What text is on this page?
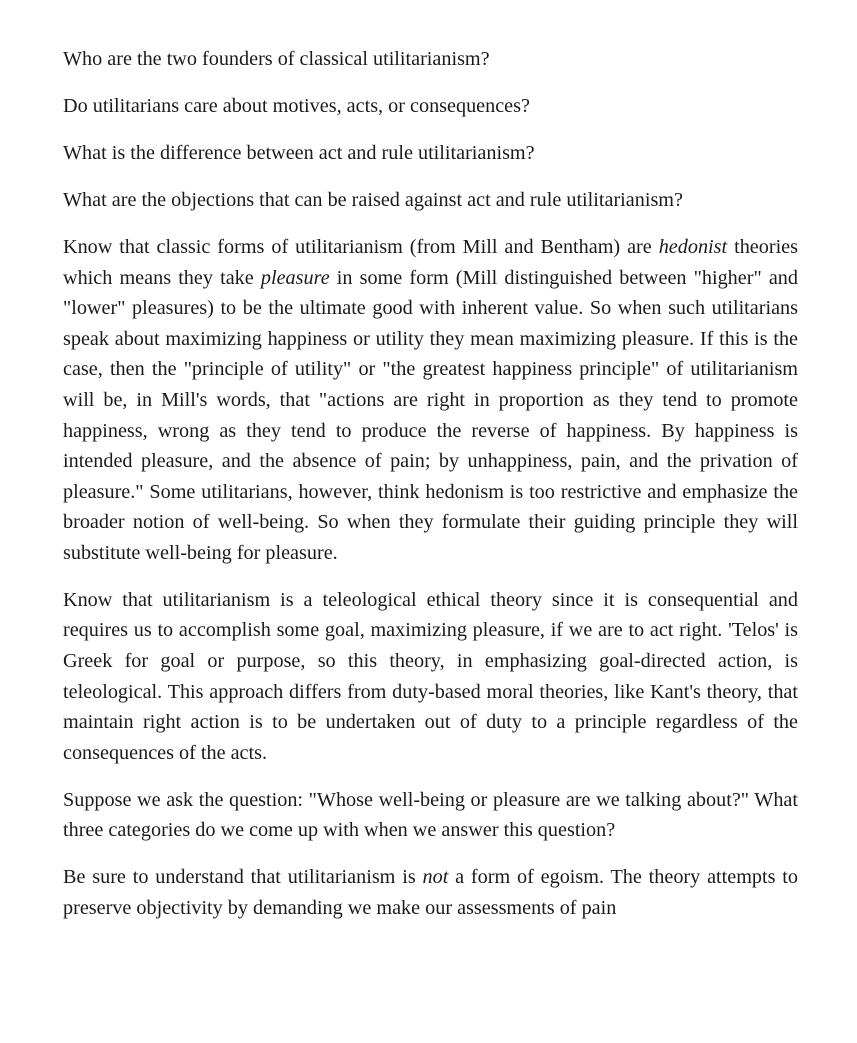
Who are the two founders of classical utilitarianism?

Do utilitarians care about motives, acts, or consequences?

What is the difference between act and rule utilitarianism?

What are the objections that can be raised against act and rule utilitarianism?

Know that classic forms of utilitarianism (from Mill and Bentham) are hedonist theories which means they take pleasure in some form (Mill distinguished between "higher" and "lower" pleasures) to be the ultimate good with inherent value. So when such utilitarians speak about maximizing happiness or utility they mean maximizing pleasure. If this is the case, then the "principle of utility" or "the greatest happiness principle" of utilitarianism will be, in Mill's words, that "actions are right in proportion as they tend to promote happiness, wrong as they tend to produce the reverse of happiness. By happiness is intended pleasure, and the absence of pain; by unhappiness, pain, and the privation of pleasure." Some utilitarians, however, think hedonism is too restrictive and emphasize the broader notion of well-being. So when they formulate their guiding principle they will substitute well-being for pleasure.

Know that utilitarianism is a teleological ethical theory since it is consequential and requires us to accomplish some goal, maximizing pleasure, if we are to act right. 'Telos' is Greek for goal or purpose, so this theory, in emphasizing goal-directed action, is teleological. This approach differs from duty-based moral theories, like Kant's theory, that maintain right action is to be undertaken out of duty to a principle regardless of the consequences of the acts.

Suppose we ask the question: "Whose well-being or pleasure are we talking about?" What three categories do we come up with when we answer this question?

Be sure to understand that utilitarianism is not a form of egoism. The theory attempts to preserve objectivity by demanding we make our assessments of pain
